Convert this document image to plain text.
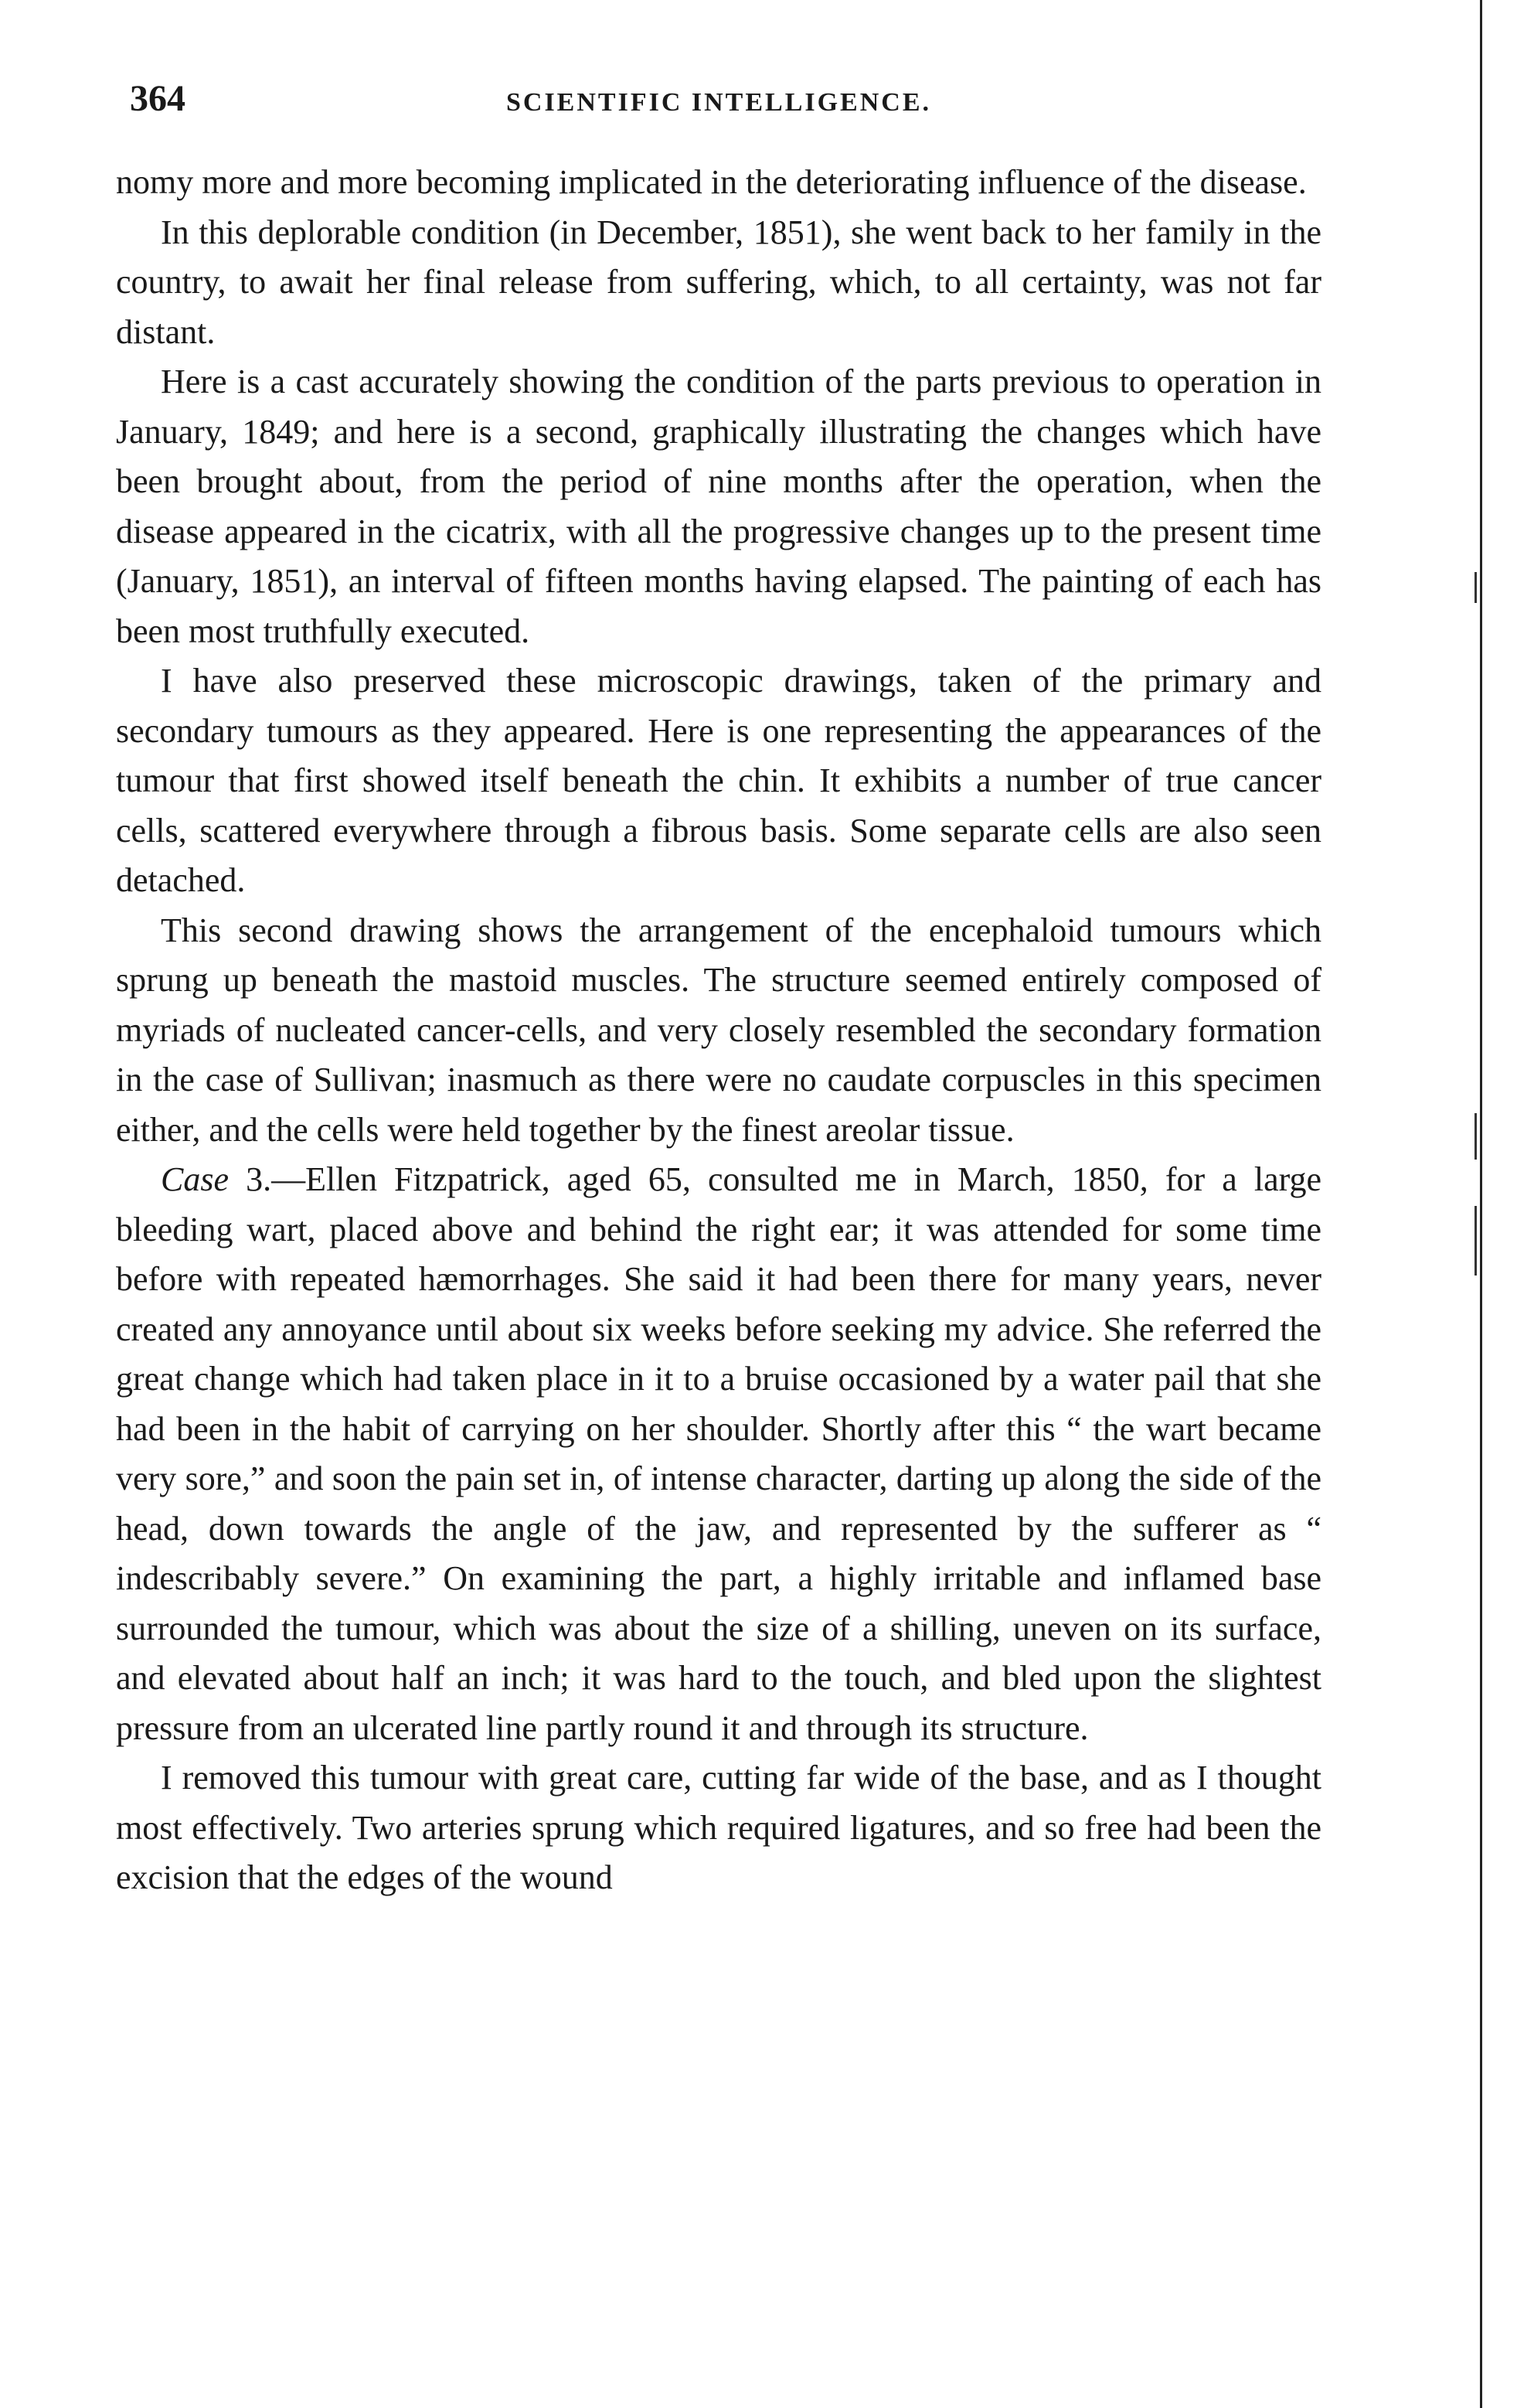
364	SCIENTIFIC INTELLIGENCE.

nomy more and more becoming implicated in the deteriorating influence of the disease.

In this deplorable condition (in December, 1851), she went back to her family in the country, to await her final release from suffering, which, to all certainty, was not far distant.

Here is a cast accurately showing the condition of the parts previous to operation in January, 1849; and here is a second, graphically illustrating the changes which have been brought about, from the period of nine months after the operation, when the disease appeared in the cicatrix, with all the progressive changes up to the present time (January, 1851), an interval of fifteen months having elapsed. The painting of each has been most truthfully executed.

I have also preserved these microscopic drawings, taken of the primary and secondary tumours as they appeared. Here is one representing the appearances of the tumour that first showed itself beneath the chin. It exhibits a number of true cancer cells, scattered everywhere through a fibrous basis. Some separate cells are also seen detached.

This second drawing shows the arrangement of the encephaloid tumours which sprung up beneath the mastoid muscles. The structure seemed entirely composed of myriads of nucleated cancer-cells, and very closely resembled the secondary formation in the case of Sullivan; inasmuch as there were no caudate corpuscles in this specimen either, and the cells were held together by the finest areolar tissue.

Case 3.—Ellen Fitzpatrick, aged 65, consulted me in March, 1850, for a large bleeding wart, placed above and behind the right ear; it was attended for some time before with repeated hæmorrhages. She said it had been there for many years, never created any annoyance until about six weeks before seeking my advice. She referred the great change which had taken place in it to a bruise occasioned by a water pail that she had been in the habit of carrying on her shoulder. Shortly after this “ the wart became very sore,” and soon the pain set in, of intense character, darting up along the side of the head, down towards the angle of the jaw, and represented by the sufferer as “ indescribably severe.” On examining the part, a highly irritable and inflamed base surrounded the tumour, which was about the size of a shilling, uneven on its surface, and elevated about half an inch; it was hard to the touch, and bled upon the slightest pressure from an ulcerated line partly round it and through its structure.

I removed this tumour with great care, cutting far wide of the base, and as I thought most effectively. Two arteries sprung which required ligatures, and so free had been the excision that the edges of the wound
